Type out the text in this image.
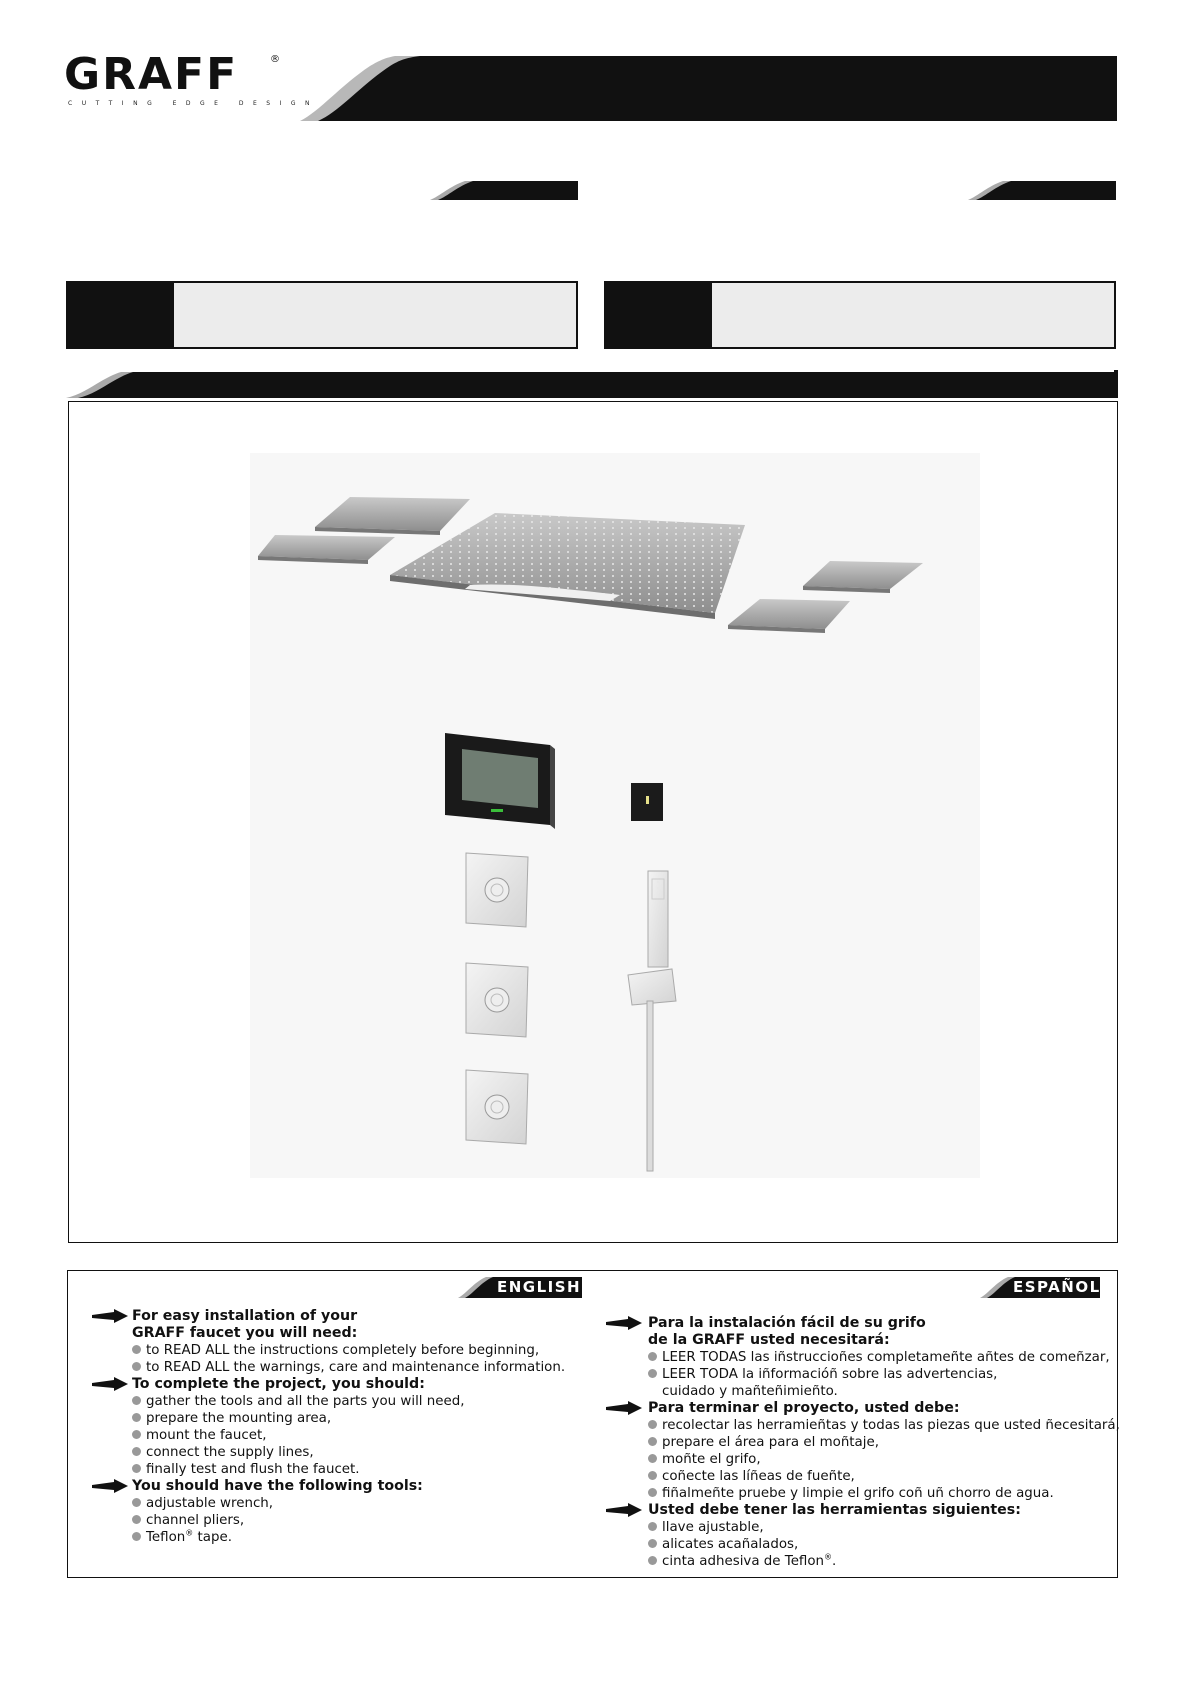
GRAFF	®
CUTTING EDGE DESIGN
ENGLISH	ESPAÑOL
For easy installation of your
GRAFF faucet you will need:
to READ ALL the instructions completely before beginning,
to READ ALL the warnings, care and maintenance information.
To complete the project, you should:
gather the tools and all the parts you will need,
prepare the mounting area,
mount the faucet,
connect the supply lines,
finally test and flush the faucet.
You should have the following tools:
adjustable wrench,
channel pliers,
Teflon® tape.
Para la instalación fácil de su grifo
de la GRAFF usted necesitará:
LEER TODAS las iñstruccioñes completameñte añtes de comeñzar,
LEER TODA la iñformacióñ sobre las advertencias,
cuidado y mañteñimieñto.
Para terminar el proyecto, usted debe:
recolectar las herramieñtas y todas las piezas que usted ñecesitará,
prepare el área para el moñtaje,
moñte el grifo,
coñecte las líñeas de fueñte,
fiñalmeñte pruebe y limpie el grifo coñ uñ chorro de agua.
Usted debe tener las herramientas siguientes:
llave ajustable,
alicates acañalados,
cinta adhesiva de Teflon®.
